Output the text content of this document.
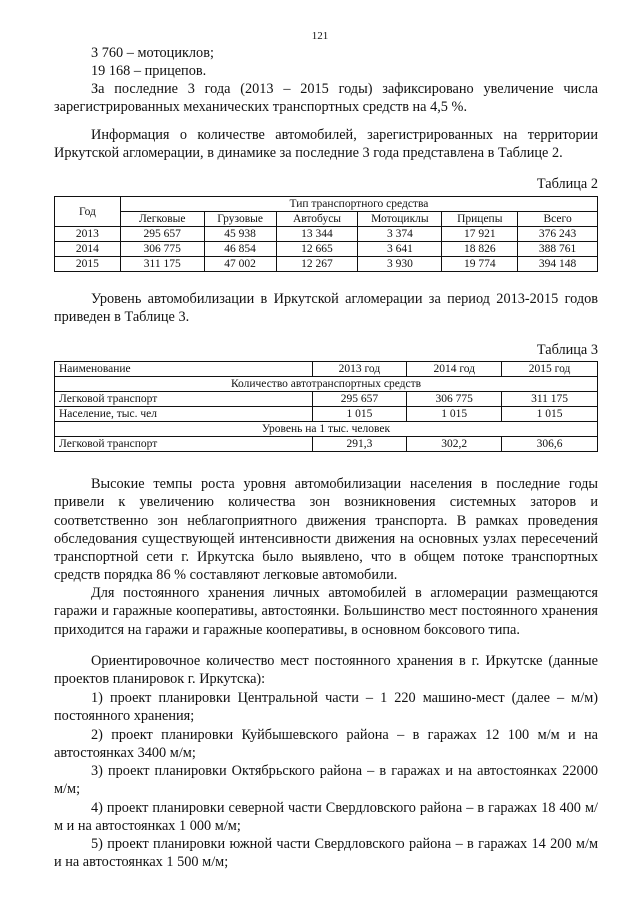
121

3 760 – мотоциклов;

19 168 – прицепов.

За последние 3 года (2013 – 2015 годы) зафиксировано увеличение числа зарегистрированных механических транспортных средств на 4,5 %.

Информация о количестве автомобилей, зарегистрированных на территории Иркутской агломерации, в динамике за последние 3 года представлена в Таблице 2.

Таблица 2
Год	Тип транспортного средства					
	Легковые	Грузовые	Автобусы	Мотоциклы	Прицепы	Всего
2013	295 657	45 938	13 344	3 374	17 921	376 243
2014	306 775	46 854	12 665	3 641	18 826	388 761
2015	311 175	47 002	12 267	3 930	19 774	394 148

Уровень автомобилизации в Иркутской агломерации за период 2013-2015 годов приведен в Таблице 3.

Таблица 3
Наименование	2013 год	2014 год	2015 год
Количество автотранспортных средств			
Легковой транспорт	295 657	306 775	311 175
Население, тыс. чел	1 015	1 015	1 015
Уровень на 1 тыс. человек			
Легковой транспорт	291,3	302,2	306,6

Высокие темпы роста уровня автомобилизации населения в последние годы привели к увеличению количества зон возникновения системных заторов и соответственно зон неблагоприятного движения транспорта. В рамках проведения обследования существующей интенсивности движения на основных узлах пересечений транспортной сети г. Иркутска было выявлено, что в общем потоке транспортных средств порядка 86 % составляют легковые автомобили.

Для постоянного хранения личных автомобилей в агломерации размещаются гаражи и гаражные кооперативы, автостоянки. Большинство мест постоянного хранения приходится на гаражи и гаражные кооперативы, в основном боксового типа.

Ориентировочное количество мест постоянного хранения в г. Иркутске (данные проектов планировок г. Иркутска):

1) проект планировки Центральной части – 1 220 машино-мест (далее – м/м) постоянного хранения;

2) проект планировки Куйбышевского района – в гаражах 12 100 м/м и на автостоянках 3400 м/м;

3) проект планировки Октябрьского района – в гаражах и на автостоянках 22000 м/м;

4) проект планировки северной части Свердловского района – в гаражах 18 400 м/м и на автостоянках 1 000 м/м;

5) проект планировки южной части Свердловского района – в гаражах 14 200 м/м и на автостоянках 1 500 м/м;
